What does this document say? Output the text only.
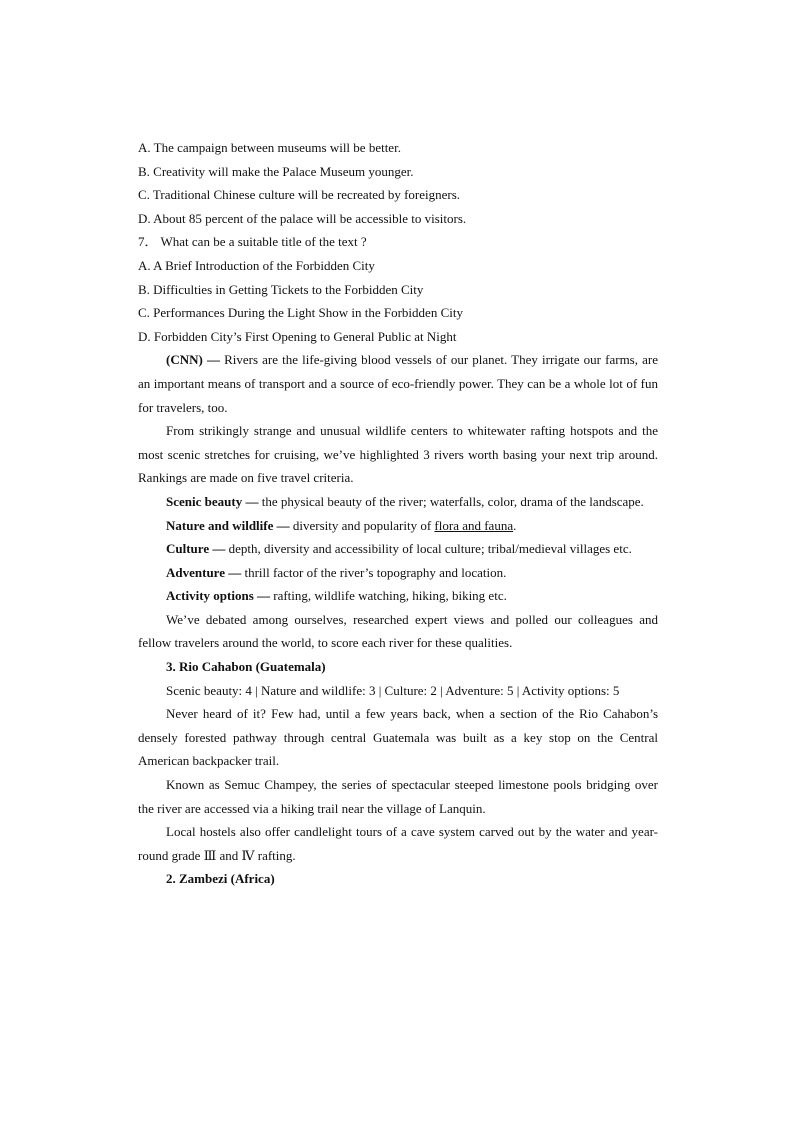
A. The campaign between museums will be better.
B. Creativity will make the Palace Museum younger.
C. Traditional Chinese culture will be recreated by foreigners.
D. About 85 percent of the palace will be accessible to visitors.
7． What can be a suitable title of the text ?
A. A Brief Introduction of the Forbidden City
B. Difficulties in Getting Tickets to the Forbidden City
C. Performances During the Light Show in the Forbidden City
D. Forbidden City’s First Opening to General Public at Night

(CNN) — Rivers are the life-giving blood vessels of our planet. They irrigate our farms, are an important means of transport and a source of eco-friendly power. They can be a whole lot of fun for travelers, too.

From strikingly strange and unusual wildlife centers to whitewater rafting hotspots and the most scenic stretches for cruising, we’ve highlighted 3 rivers worth basing your next trip around. Rankings are made on five travel criteria.

Scenic beauty — the physical beauty of the river; waterfalls, color, drama of the landscape.

Nature and wildlife — diversity and popularity of flora and fauna.
Culture — depth, diversity and accessibility of local culture; tribal/medieval villages etc.
Adventure — thrill factor of the river’s topography and location.
Activity options — rafting, wildlife watching, hiking, biking etc.

We’ve debated among ourselves, researched expert views and polled our colleagues and fellow travelers around the world, to score each river for these qualities.

3. Rio Cahabon (Guatemala)
Scenic beauty: 4 | Nature and wildlife: 3 | Culture: 2 | Adventure: 5 | Activity options: 5

Never heard of it? Few had, until a few years back, when a section of the Rio Cahabon’s densely forested pathway through central Guatemala was built as a key stop on the Central American backpacker trail.

Known as Semuc Champey, the series of spectacular steeped limestone pools bridging over the river are accessed via a hiking trail near the village of Lanquin.

Local hostels also offer candlelight tours of a cave system carved out by the water and year-round grade Ⅲ and Ⅳ rafting.

2. Zambezi (Africa)
